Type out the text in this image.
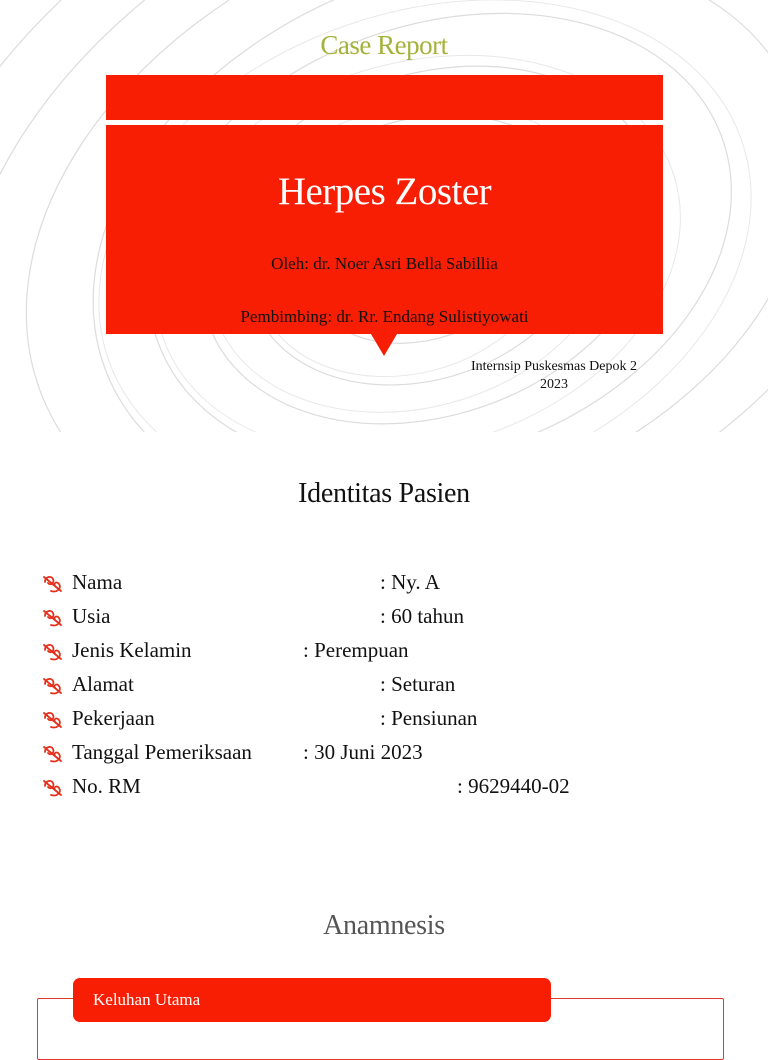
Case Report
Herpes Zoster
Oleh: dr. Noer Asri Bella Sabillia
Pembimbing: dr. Rr. Endang Sulistiyowati
Internsip Puskesmas Depok 2
2023
Identitas Pasien
Nama	: Ny. A
Usia	: 60 tahun
Jenis Kelamin	: Perempuan
Alamat	: Seturan
Pekerjaan	: Pensiunan
Tanggal Pemeriksaan : 30 Juni 2023
No. RM	: 9629440-02
Anamnesis
Keluhan Utama
